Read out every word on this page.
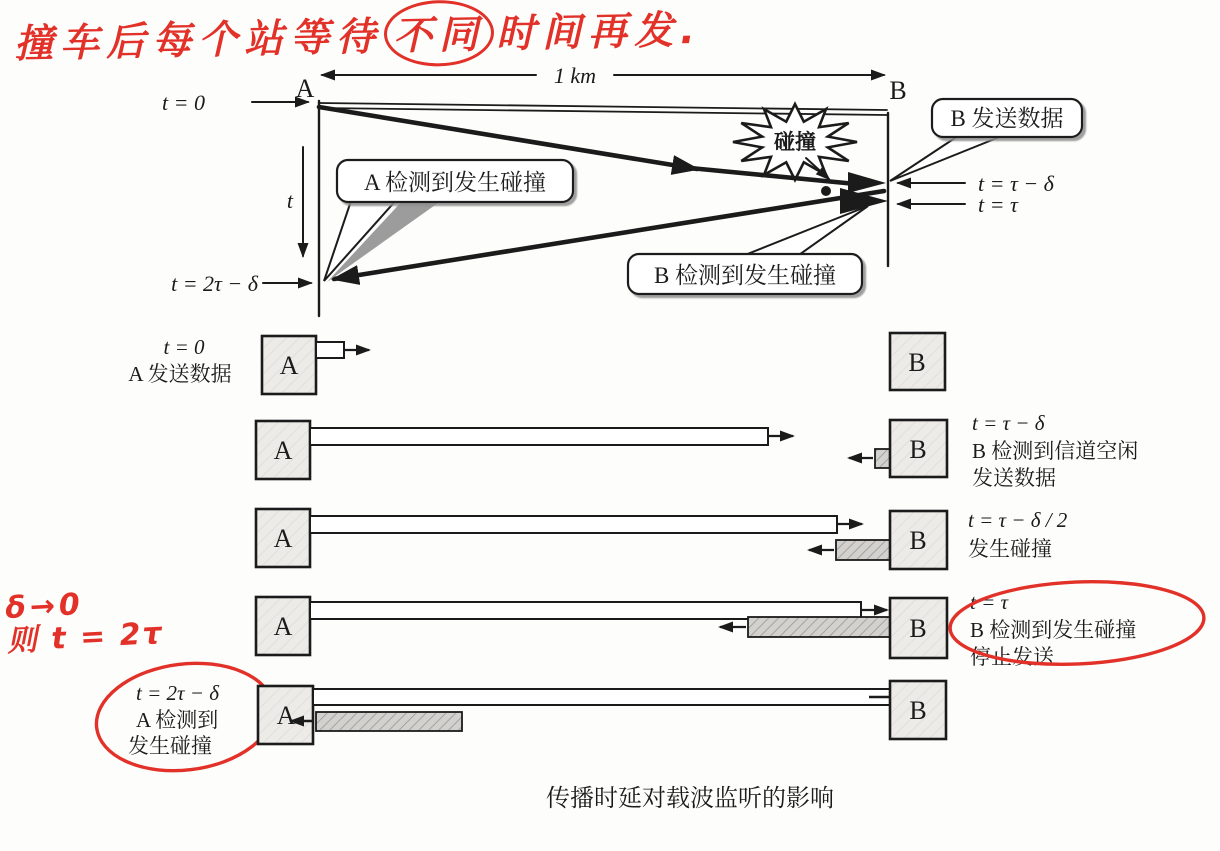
1 km
A	B
t = 0
碰撞
t
t = 2τ − δ
t = τ − δ
t = τ
A 检测到发生碰撞
B 发送数据
B 检测到发生碰撞
t = 0
A 发送数据 A	B
A	B
t = τ − δ
B 检测到信道空闲
发送数据
A	B
t = τ − δ / 2
发生碰撞
A	B
t = τ
B 检测到发生碰撞
停止发送
t = 2τ − δ
A 检测到
发生碰撞
A	B
传播时延对载波监听的影响
撞车后每个站等待 不同 时间再发.
δ→0
则 t = 2τ
